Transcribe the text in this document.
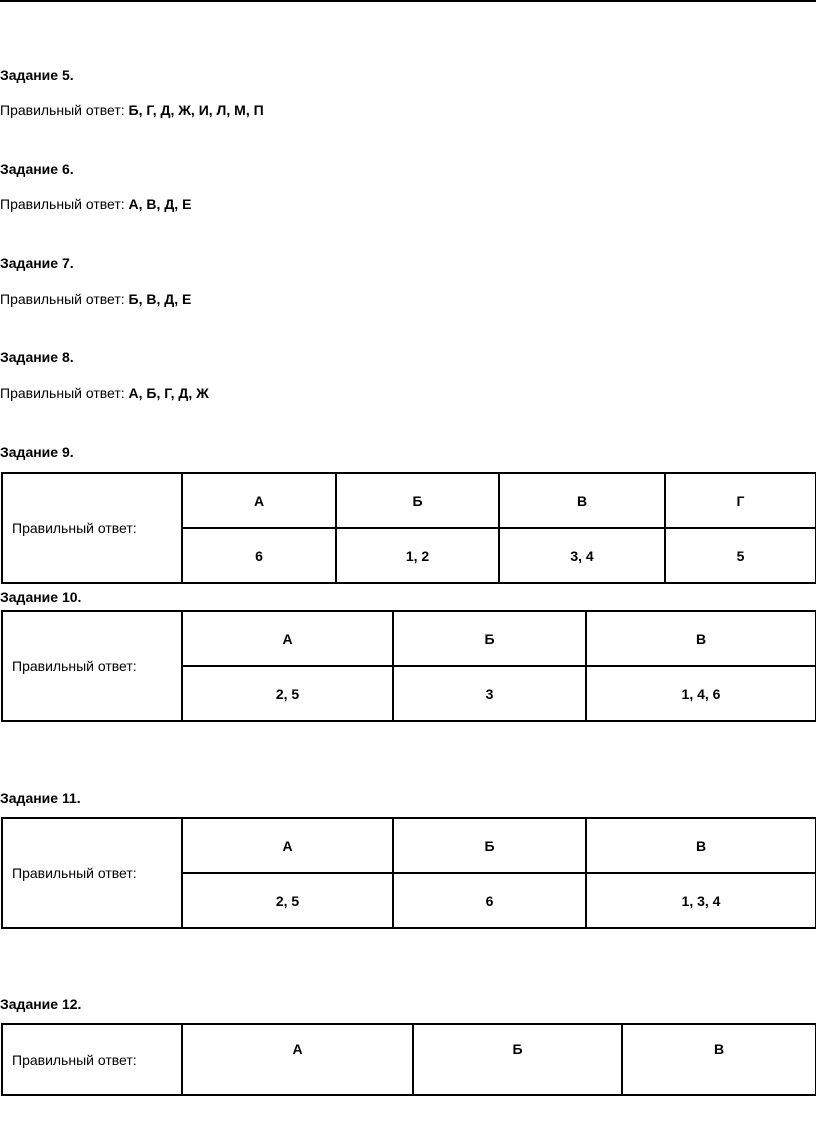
Задание 5.
Правильный ответ: Б, Г, Д, Ж, И, Л, М, П
Задание 6.
Правильный ответ: А, В, Д, Е
Задание 7.
Правильный ответ: Б, В, Д, Е
Задание 8.
Правильный ответ: А, Б, Г, Д, Ж
Задание 9.
Правильный ответ:	А	Б	В	Г
	6	1, 2	3, 4	5
Задание 10.
Правильный ответ:	А	Б	В
	2, 5	3	1, 4, 6
Задание 11.
Правильный ответ:	А	Б	В
	2, 5	6	1, 3, 4
Задание 12.
Правильный ответ:	А	Б	В
